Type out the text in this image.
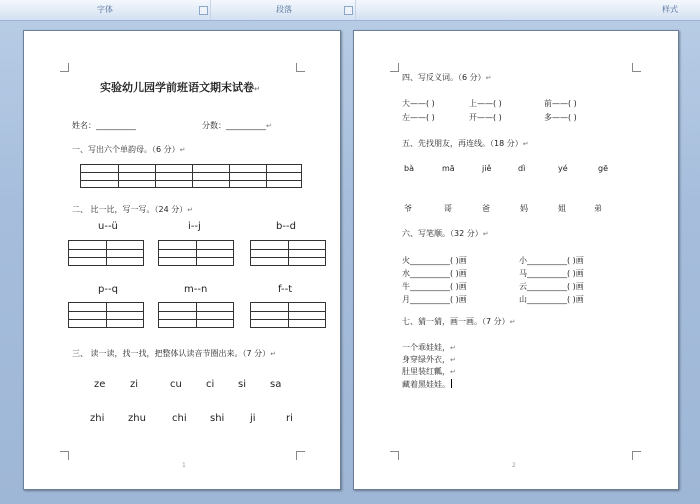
字体	段落	样式
实验幼儿园学前班语文期末试卷↵
姓名：__________	分数：__________↵
一、写出六个单韵母。（6 分）↵
二、 比一比，写一写。（24 分）↵
u--ü	i--j	b--d
p--q	m--n	f--t
三、 读一读，找一找，把整体认读音节圈出来。（7 分）↵
ze zi	cu ci si sa
zhi zhu	chi shi	ji	ri
1
四、写反义词。（6 分）↵
大——( )	上——( )	前——( )
左——( )	开——( )	多——( )
五、先找朋友，再连线。（18 分）↵
bà	mā	jiě	dì	yé	gē
爷	哥	爸	妈	姐	弟
六、写笔顺。（32 分）↵
火__________( )画	小__________( )画
水__________( )画	马__________( )画
牛__________( )画	云__________( )画
月__________( )画	山__________( )画
七、猜一猜，画一画。（7 分）↵
一个乖娃娃，↵
身穿绿外衣，↵
肚里装红瓤，↵
藏着黑娃娃。
2
